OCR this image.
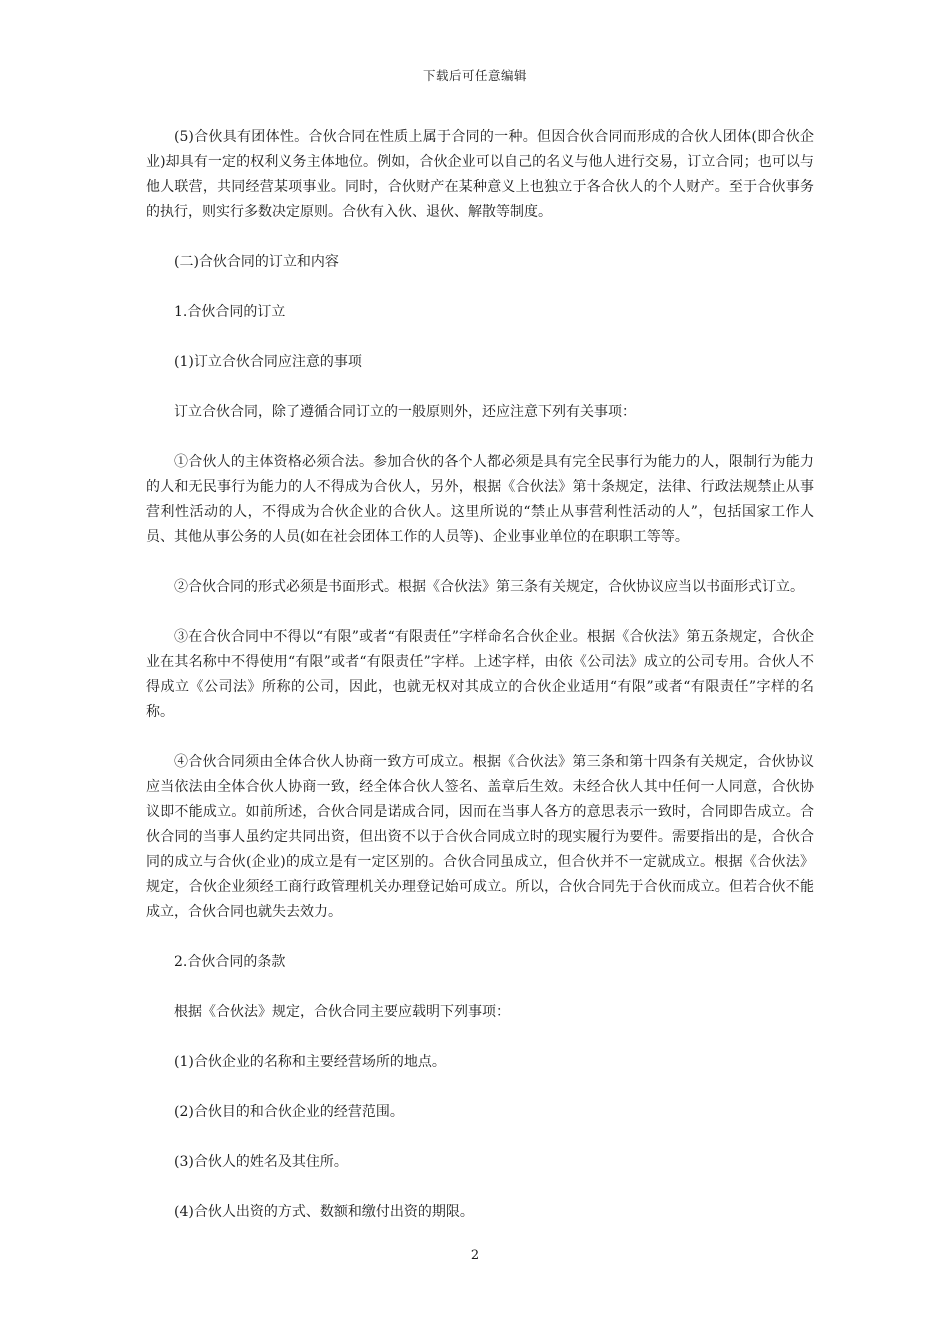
下载后可任意编辑

(5)合伙具有团体性。合伙合同在性质上属于合同的一种。但因合伙合同而形成的合伙人团体(即合伙企业)却具有一定的权利义务主体地位。例如，合伙企业可以自己的名义与他人进行交易，订立合同；也可以与他人联营，共同经营某项事业。同时，合伙财产在某种意义上也独立于各合伙人的个人财产。至于合伙事务的执行，则实行多数决定原则。合伙有入伙、退伙、解散等制度。

(二)合伙合同的订立和内容

1.合伙合同的订立

(1)订立合伙合同应注意的事项

订立合伙合同，除了遵循合同订立的一般原则外，还应注意下列有关事项：

①合伙人的主体资格必须合法。参加合伙的各个人都必须是具有完全民事行为能力的人，限制行为能力的人和无民事行为能力的人不得成为合伙人，另外，根据《合伙法》第十条规定，法律、行政法规禁止从事营利性活动的人，不得成为合伙企业的合伙人。这里所说的“禁止从事营利性活动的人”，包括国家工作人员、其他从事公务的人员(如在社会团体工作的人员等)、企业事业单位的在职职工等等。

②合伙合同的形式必须是书面形式。根据《合伙法》第三条有关规定，合伙协议应当以书面形式订立。

③在合伙合同中不得以“有限”或者“有限责任”字样命名合伙企业。根据《合伙法》第五条规定，合伙企业在其名称中不得使用“有限”或者“有限责任”字样。上述字样，由依《公司法》成立的公司专用。合伙人不得成立《公司法》所称的公司，因此，也就无权对其成立的合伙企业适用“有限”或者“有限责任”字样的名称。

④合伙合同须由全体合伙人协商一致方可成立。根据《合伙法》第三条和第十四条有关规定，合伙协议应当依法由全体合伙人协商一致，经全体合伙人签名、盖章后生效。未经合伙人其中任何一人同意，合伙协议即不能成立。如前所述，合伙合同是诺成合同，因而在当事人各方的意思表示一致时，合同即告成立。合伙合同的当事人虽约定共同出资，但出资不以于合伙合同成立时的现实履行为要件。需要指出的是，合伙合同的成立与合伙(企业)的成立是有一定区别的。合伙合同虽成立，但合伙并不一定就成立。根据《合伙法》规定，合伙企业须经工商行政管理机关办理登记始可成立。所以，合伙合同先于合伙而成立。但若合伙不能成立，合伙合同也就失去效力。

2.合伙合同的条款

根据《合伙法》规定，合伙合同主要应载明下列事项：

(1)合伙企业的名称和主要经营场所的地点。

(2)合伙目的和合伙企业的经营范围。

(3)合伙人的姓名及其住所。

(4)合伙人出资的方式、数额和缴付出资的期限。

2
